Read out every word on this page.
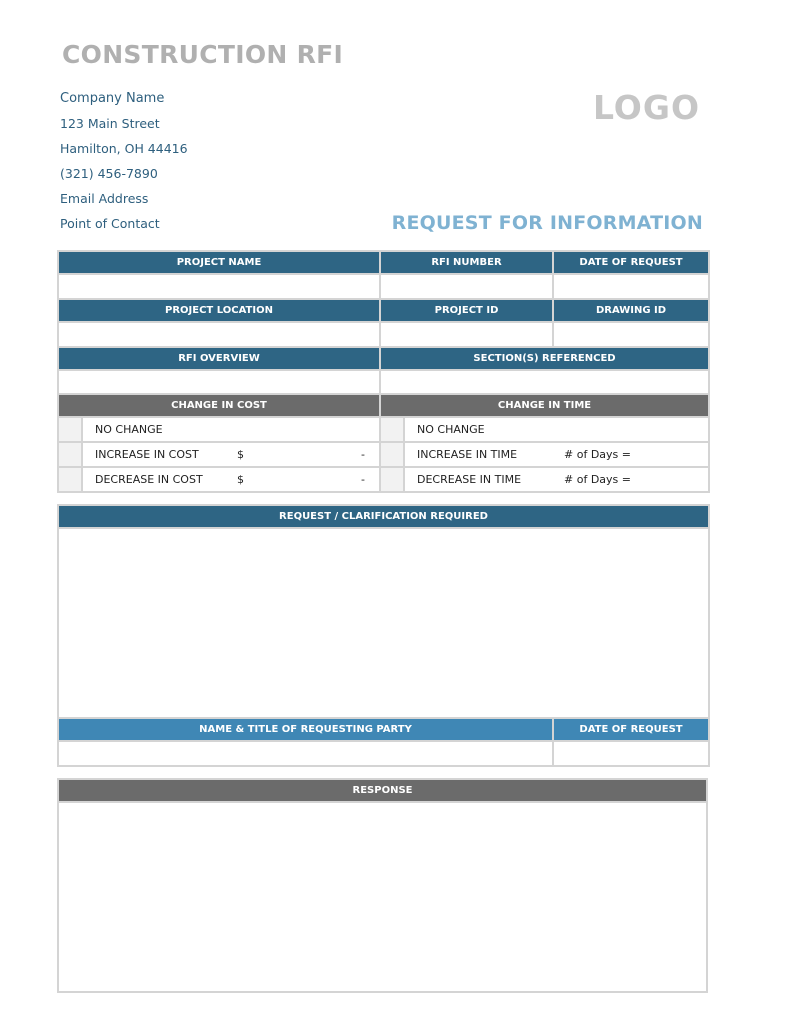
CONSTRUCTION RFI
Company Name
123 Main Street
Hamilton, OH 44416
(321) 456-7890
Email Address
Point of Contact
LOGO
REQUEST FOR INFORMATION
PROJECT NAME	RFI NUMBER	DATE OF REQUEST

PROJECT LOCATION	PROJECT ID	DRAWING ID

RFI OVERVIEW	SECTION(S) REFERENCED	

CHANGE IN COST		CHANGE IN TIME	

	NO CHANGE		NO CHANGE

	INCREASE IN COST $ -		INCREASE IN TIME # of Days =

	DECREASE IN COST $ -		DECREASE IN TIME # of Days =
REQUEST / CLARIFICATION REQUIRED	

NAME & TITLE OF REQUESTING PARTY	DATE OF REQUEST

RESPONSE
